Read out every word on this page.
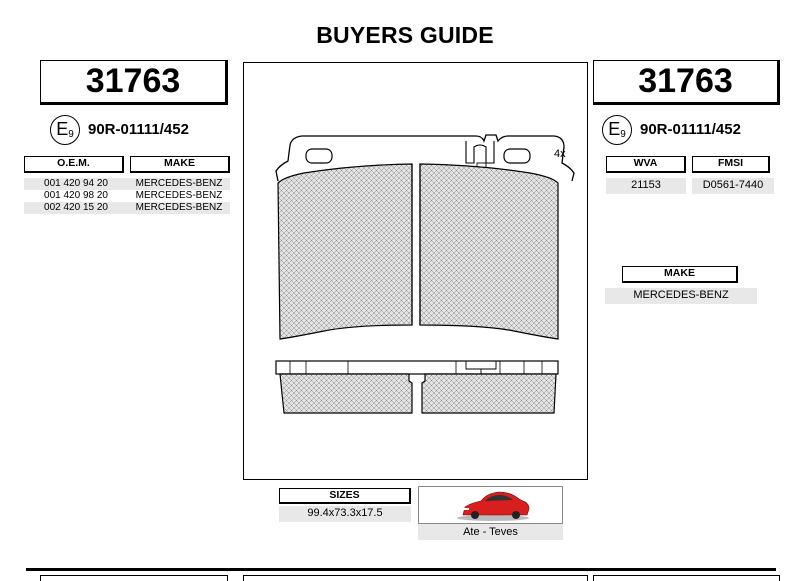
BUYERS GUIDE
31763
E9 90R-01111/452
O.E.M.	MAKE
001 420 94 20	MERCEDES-BENZ
001 420 98 20	MERCEDES-BENZ
002 420 15 20	MERCEDES-BENZ
4x
31763
E9 90R-01111/452
WVA	FMSI
21153	D0561-7440
MAKE
MERCEDES-BENZ
SIZES
99.4x73.3x17.5
Ate - Teves
